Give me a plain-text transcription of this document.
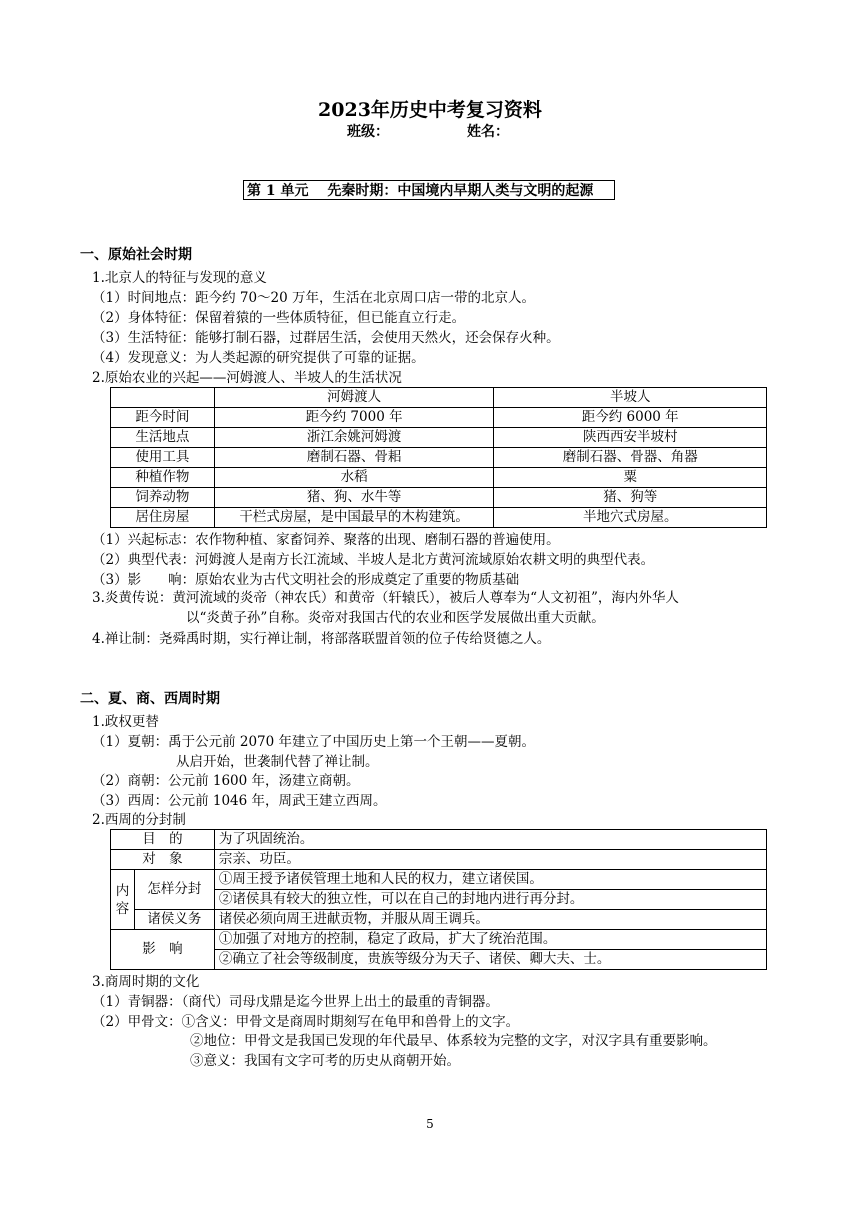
2023年历史中考复习资料
班级：	姓名：
第 1 单元　 先秦时期：中国境内早期人类与文明的起源
一、原始社会时期
1.北京人的特征与发现的意义
（1）时间地点：距今约 70～20 万年，生活在北京周口店一带的北京人。
（2）身体特征：保留着猿的一些体质特征，但已能直立行走。
（3）生活特征：能够打制石器，过群居生活，会使用天然火，还会保存火种。
（4）发现意义：为人类起源的研究提供了可靠的证据。
2.原始农业的兴起——河姆渡人、半坡人的生活状况
	河姆渡人	半坡人
距今时间	距今约 7000 年	距今约 6000 年
生活地点	浙江余姚河姆渡	陕西西安半坡村
使用工具	磨制石器、骨耜	磨制石器、骨器、角器
种植作物	水稻	粟
饲养动物	猪、狗、水牛等	猪、狗等
居住房屋	干栏式房屋，是中国最早的木构建筑。	半地穴式房屋。
（1）兴起标志：农作物种植、家畜饲养、聚落的出现、磨制石器的普遍使用。
（2）典型代表：河姆渡人是南方长江流域、半坡人是北方黄河流域原始农耕文明的典型代表。
（3）影　　响：原始农业为古代文明社会的形成奠定了重要的物质基础
3.炎黄传说：黄河流域的炎帝（神农氏）和黄帝（轩辕氏），被后人尊奉为“人文初祖”，海内外华人
以“炎黄子孙”自称。炎帝对我国古代的农业和医学发展做出重大贡献。
4.禅让制：尧舜禹时期，实行禅让制，将部落联盟首领的位子传给贤德之人。
二、夏、商、西周时期
1.政权更替
（1）夏朝：禹于公元前 2070 年建立了中国历史上第一个王朝——夏朝。
从启开始，世袭制代替了禅让制。
（2）商朝：公元前 1600 年，汤建立商朝。
（3）西周：公元前 1046 年，周武王建立西周。
2.西周的分封制
目　的		为了巩固统治。
对　象		宗亲、功臣。
内容	怎样分封	①周王授予诸侯管理土地和人民的权力，建立诸侯国。
		②诸侯具有较大的独立性，可以在自己的封地内进行再分封。
	诸侯义务	诸侯必须向周王进献贡物，并服从周王调兵。
影　响		①加强了对地方的控制，稳定了政局，扩大了统治范围。
		②确立了社会等级制度，贵族等级分为天子、诸侯、卿大夫、士。
3.商周时期的文化
（1）青铜器：（商代）司母戊鼎是迄今世界上出土的最重的青铜器。
（2）甲骨文：①含义：甲骨文是商周时期刻写在龟甲和兽骨上的文字。
②地位：甲骨文是我国已发现的年代最早、体系较为完整的文字，对汉字具有重要影响。
③意义：我国有文字可考的历史从商朝开始。
5
